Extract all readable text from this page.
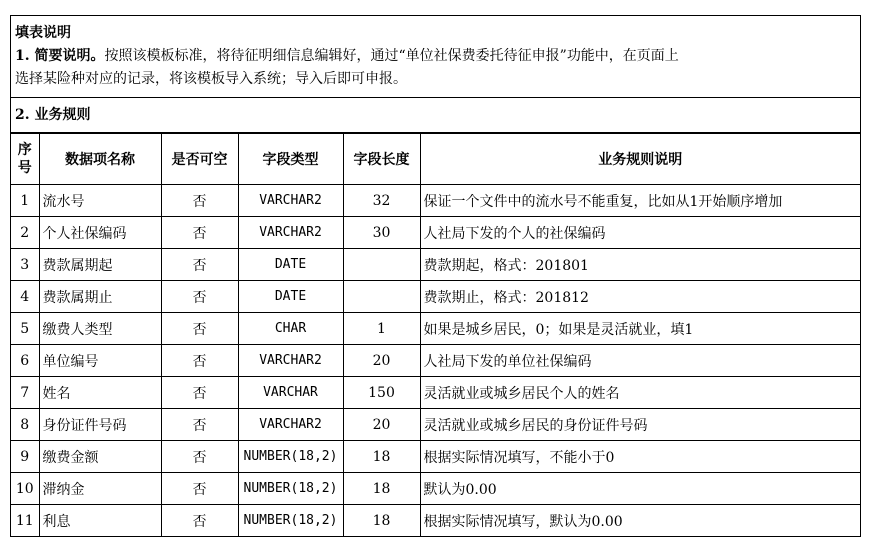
填表说明
1. 简要说明。按照该模板标准，将待征明细信息编辑好，通过“单位社保费委托待征申报”功能中，在页面上
选择某险种对应的记录，将该模板导入系统；导入后即可申报。
2. 业务规则
序号	数据项名称	是否可空	字段类型	字段长度	业务规则说明
1	流水号	否	VARCHAR2	32	保证一个文件中的流水号不能重复，比如从1开始顺序增加
2	个人社保编码	否	VARCHAR2	30	人社局下发的个人的社保编码
3	费款属期起	否	DATE		费款期起，格式：201801
4	费款属期止	否	DATE		费款期止，格式：201812
5	缴费人类型	否	CHAR	1	如果是城乡居民，0；如果是灵活就业，填1
6	单位编号	否	VARCHAR2	20	人社局下发的单位社保编码
7	姓名	否	VARCHAR	150	灵活就业或城乡居民个人的姓名
8	身份证件号码	否	VARCHAR2	20	灵活就业或城乡居民的身份证件号码
9	缴费金额	否	NUMBER(18,2)	18	根据实际情况填写，不能小于0
10	滞纳金	否	NUMBER(18,2)	18	默认为0.00
11	利息	否	NUMBER(18,2)	18	根据实际情况填写，默认为0.00
